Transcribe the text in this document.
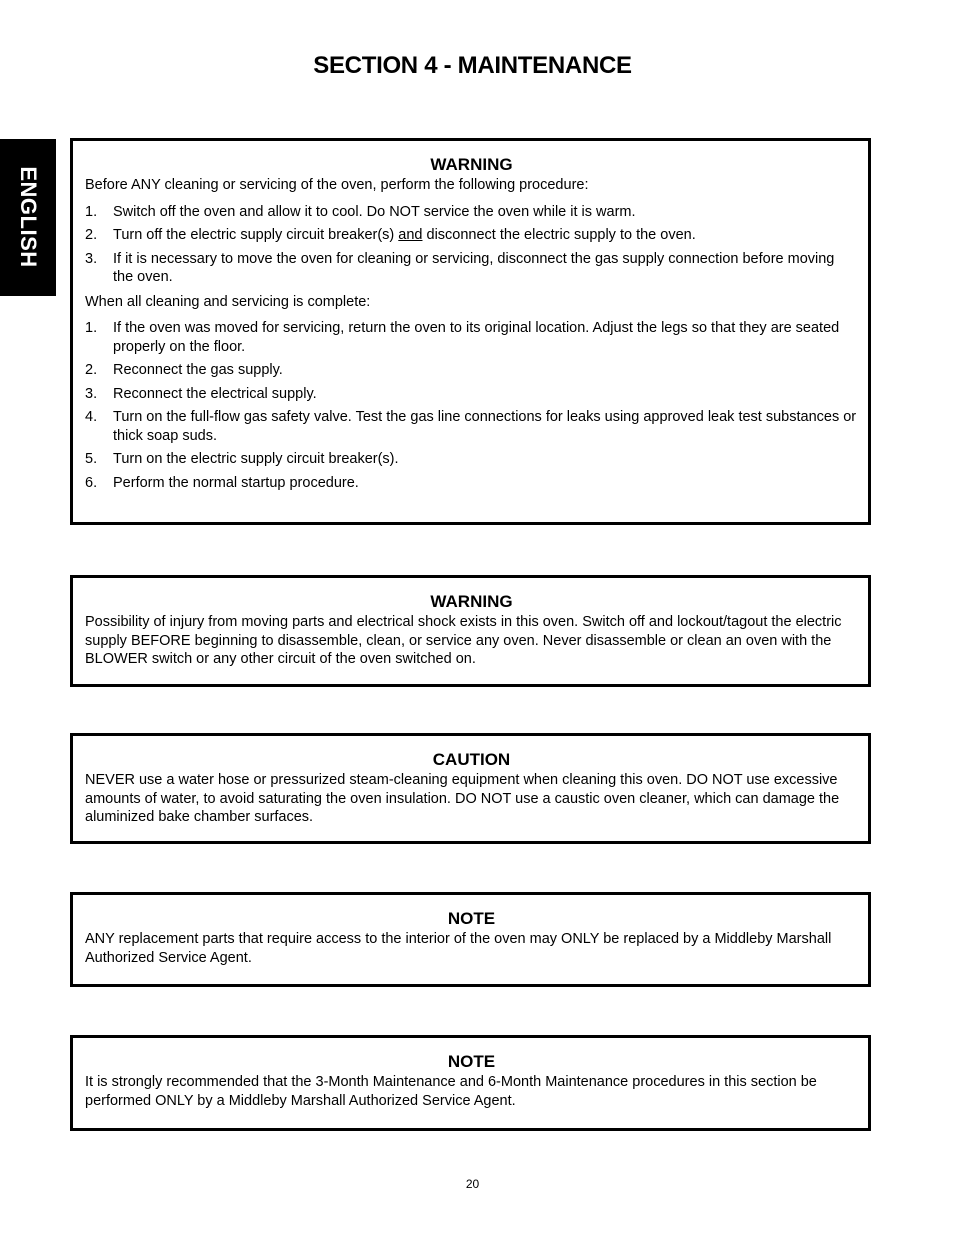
SECTION 4 - MAINTENANCE
ENGLISH
WARNING

Before ANY cleaning or servicing of the oven, perform the following procedure:

1. Switch off the oven and allow it to cool. Do NOT service the oven while it is warm.
2. Turn off the electric supply circuit breaker(s) and disconnect the electric supply to the oven.
3. If it is necessary to move the oven for cleaning or servicing, disconnect the gas supply connection before moving the oven.

When all cleaning and servicing is complete:

1. If the oven was moved for servicing, return the oven to its original location. Adjust the legs so that they are seated properly on the floor.
2. Reconnect the gas supply.
3. Reconnect the electrical supply.
4. Turn on the full-flow gas safety valve. Test the gas line connections for leaks using approved leak test substances or thick soap suds.
5. Turn on the electric supply circuit breaker(s).
6. Perform the normal startup procedure.
WARNING

Possibility of injury from moving parts and electrical shock exists in this oven. Switch off and lockout/tagout the electric supply BEFORE beginning to disassemble, clean, or service any oven. Never disassemble or clean an oven with the BLOWER switch or any other circuit of the oven switched on.

CAUTION

NEVER use a water hose or pressurized steam-cleaning equipment when cleaning this oven. DO NOT use excessive amounts of water, to avoid saturating the oven insulation. DO NOT use a caustic oven cleaner, which can damage the aluminized bake chamber surfaces.

NOTE

ANY replacement parts that require access to the interior of the oven may ONLY be replaced by a Middleby Marshall Authorized Service Agent.

NOTE

It is strongly recommended that the 3-Month Maintenance and 6-Month Maintenance procedures in this section be performed ONLY by a Middleby Marshall Authorized Service Agent.

20
